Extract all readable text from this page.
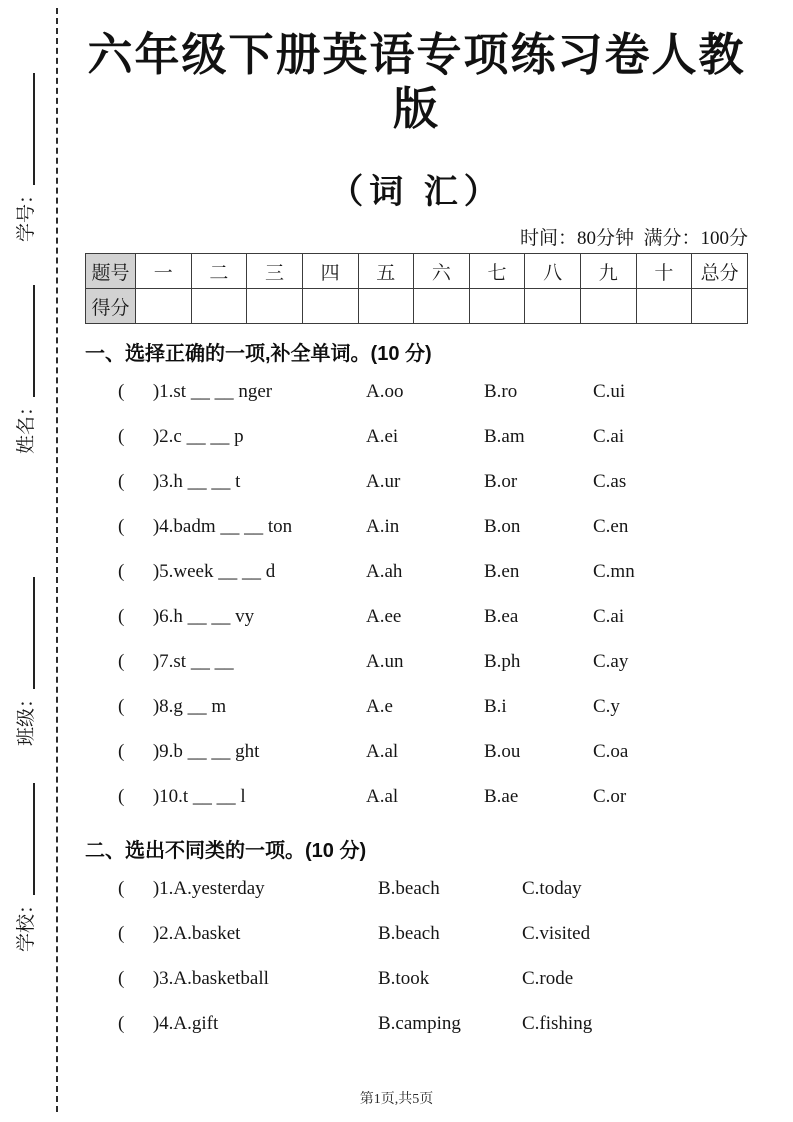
学号：
姓名：
班级：
学校：
六年级下册英语专项练习卷人教版
（词 汇）
时间：80分钟  满分：100分
题号	一	二	三	四	五	六	七	八	九	十	总分
得分											
一、选择正确的一项,补全单词。(10 分)
(      )1.st __ __ nger	A.oo	B.ro	C.ui
(      )2.c __ __ p	A.ei	B.am	C.ai
(      )3.h __ __ t	A.ur	B.or	C.as
(      )4.badm __ __ ton	A.in	B.on	C.en
(      )5.week __ __ d	A.ah	B.en	C.mn
(      )6.h __ __ vy	A.ee	B.ea	C.ai
(      )7.st __ __	A.un	B.ph	C.ay
(      )8.g __ m	A.e	B.i	C.y
(      )9.b __ __ ght	A.al	B.ou	C.oa
(      )10.t __ __ l	A.al	B.ae	C.or
二、选出不同类的一项。(10 分)
(      )1.A.yesterday	B.beach	C.today
(      )2.A.basket	B.beach	C.visited
(      )3.A.basketball	B.took	C.rode
(      )4.A.gift	B.camping	C.fishing
第1页,共5页
